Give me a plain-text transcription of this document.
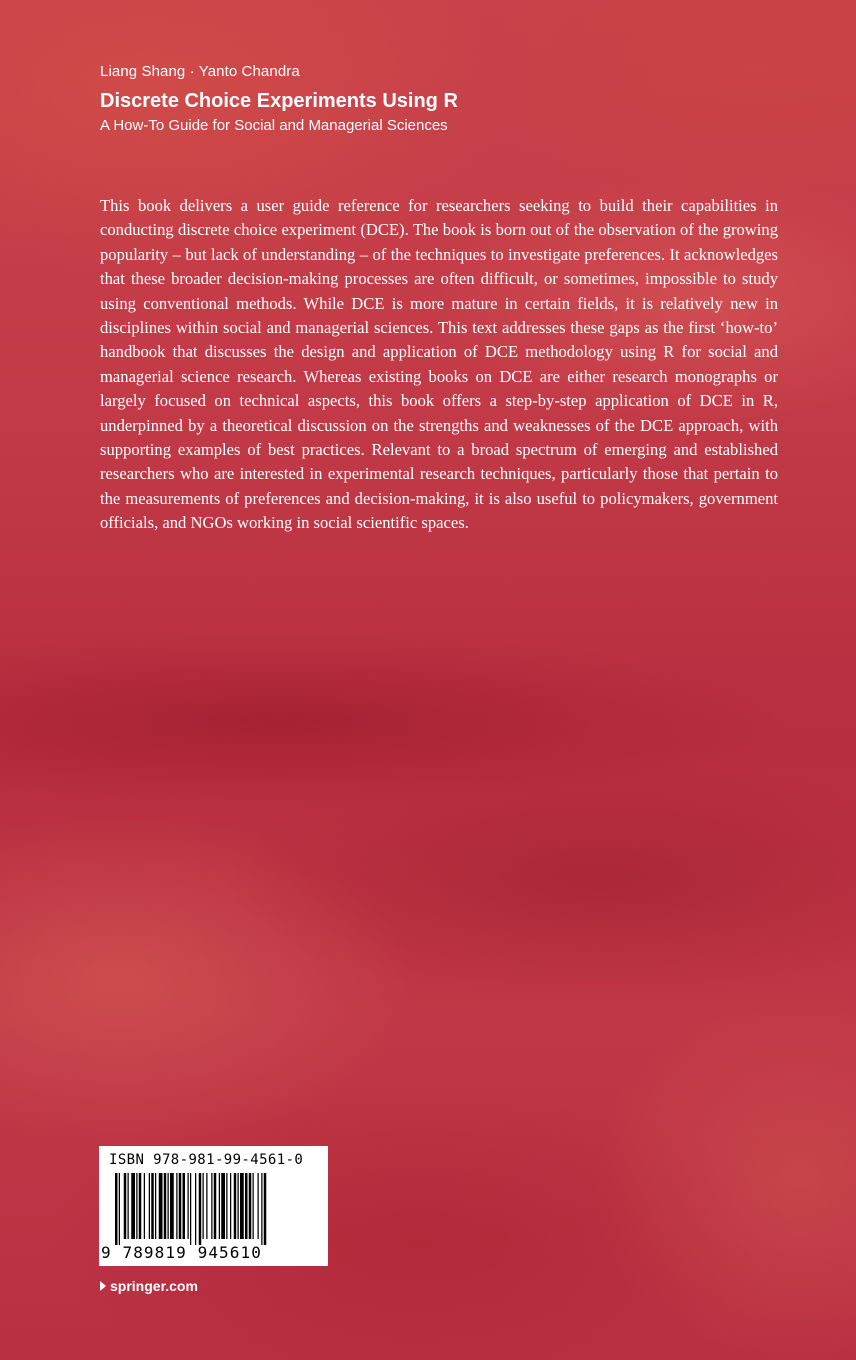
Liang Shang · Yanto Chandra
Discrete Choice Experiments Using R
A How-To Guide for Social and Managerial Sciences

This book delivers a user guide reference for researchers seeking to build their capabilities in conducting discrete choice experiment (DCE). The book is born out of the observation of the growing popularity – but lack of understanding – of the techniques to investigate preferences. It acknowledges that these broader decision-making processes are often difficult, or sometimes, impossible to study using conventional methods. While DCE is more mature in certain fields, it is relatively new in disciplines within social and managerial sciences. This text addresses these gaps as the first ‘how-to’ handbook that discusses the design and application of DCE methodology using R for social and managerial science research. Whereas existing books on DCE are either research monographs or largely focused on technical aspects, this book offers a step-by-step application of DCE in R, underpinned by a theoretical discussion on the strengths and weaknesses of the DCE approach, with supporting examples of best practices. Relevant to a broad spectrum of emerging and established researchers who are interested in experimental research techniques, particularly those that pertain to the measurements of preferences and decision-making, it is also useful to policymakers, government officials, and NGOs working in social scientific spaces.

ISBN 978-981-99-4561-0
9 789819 945610
springer.com
